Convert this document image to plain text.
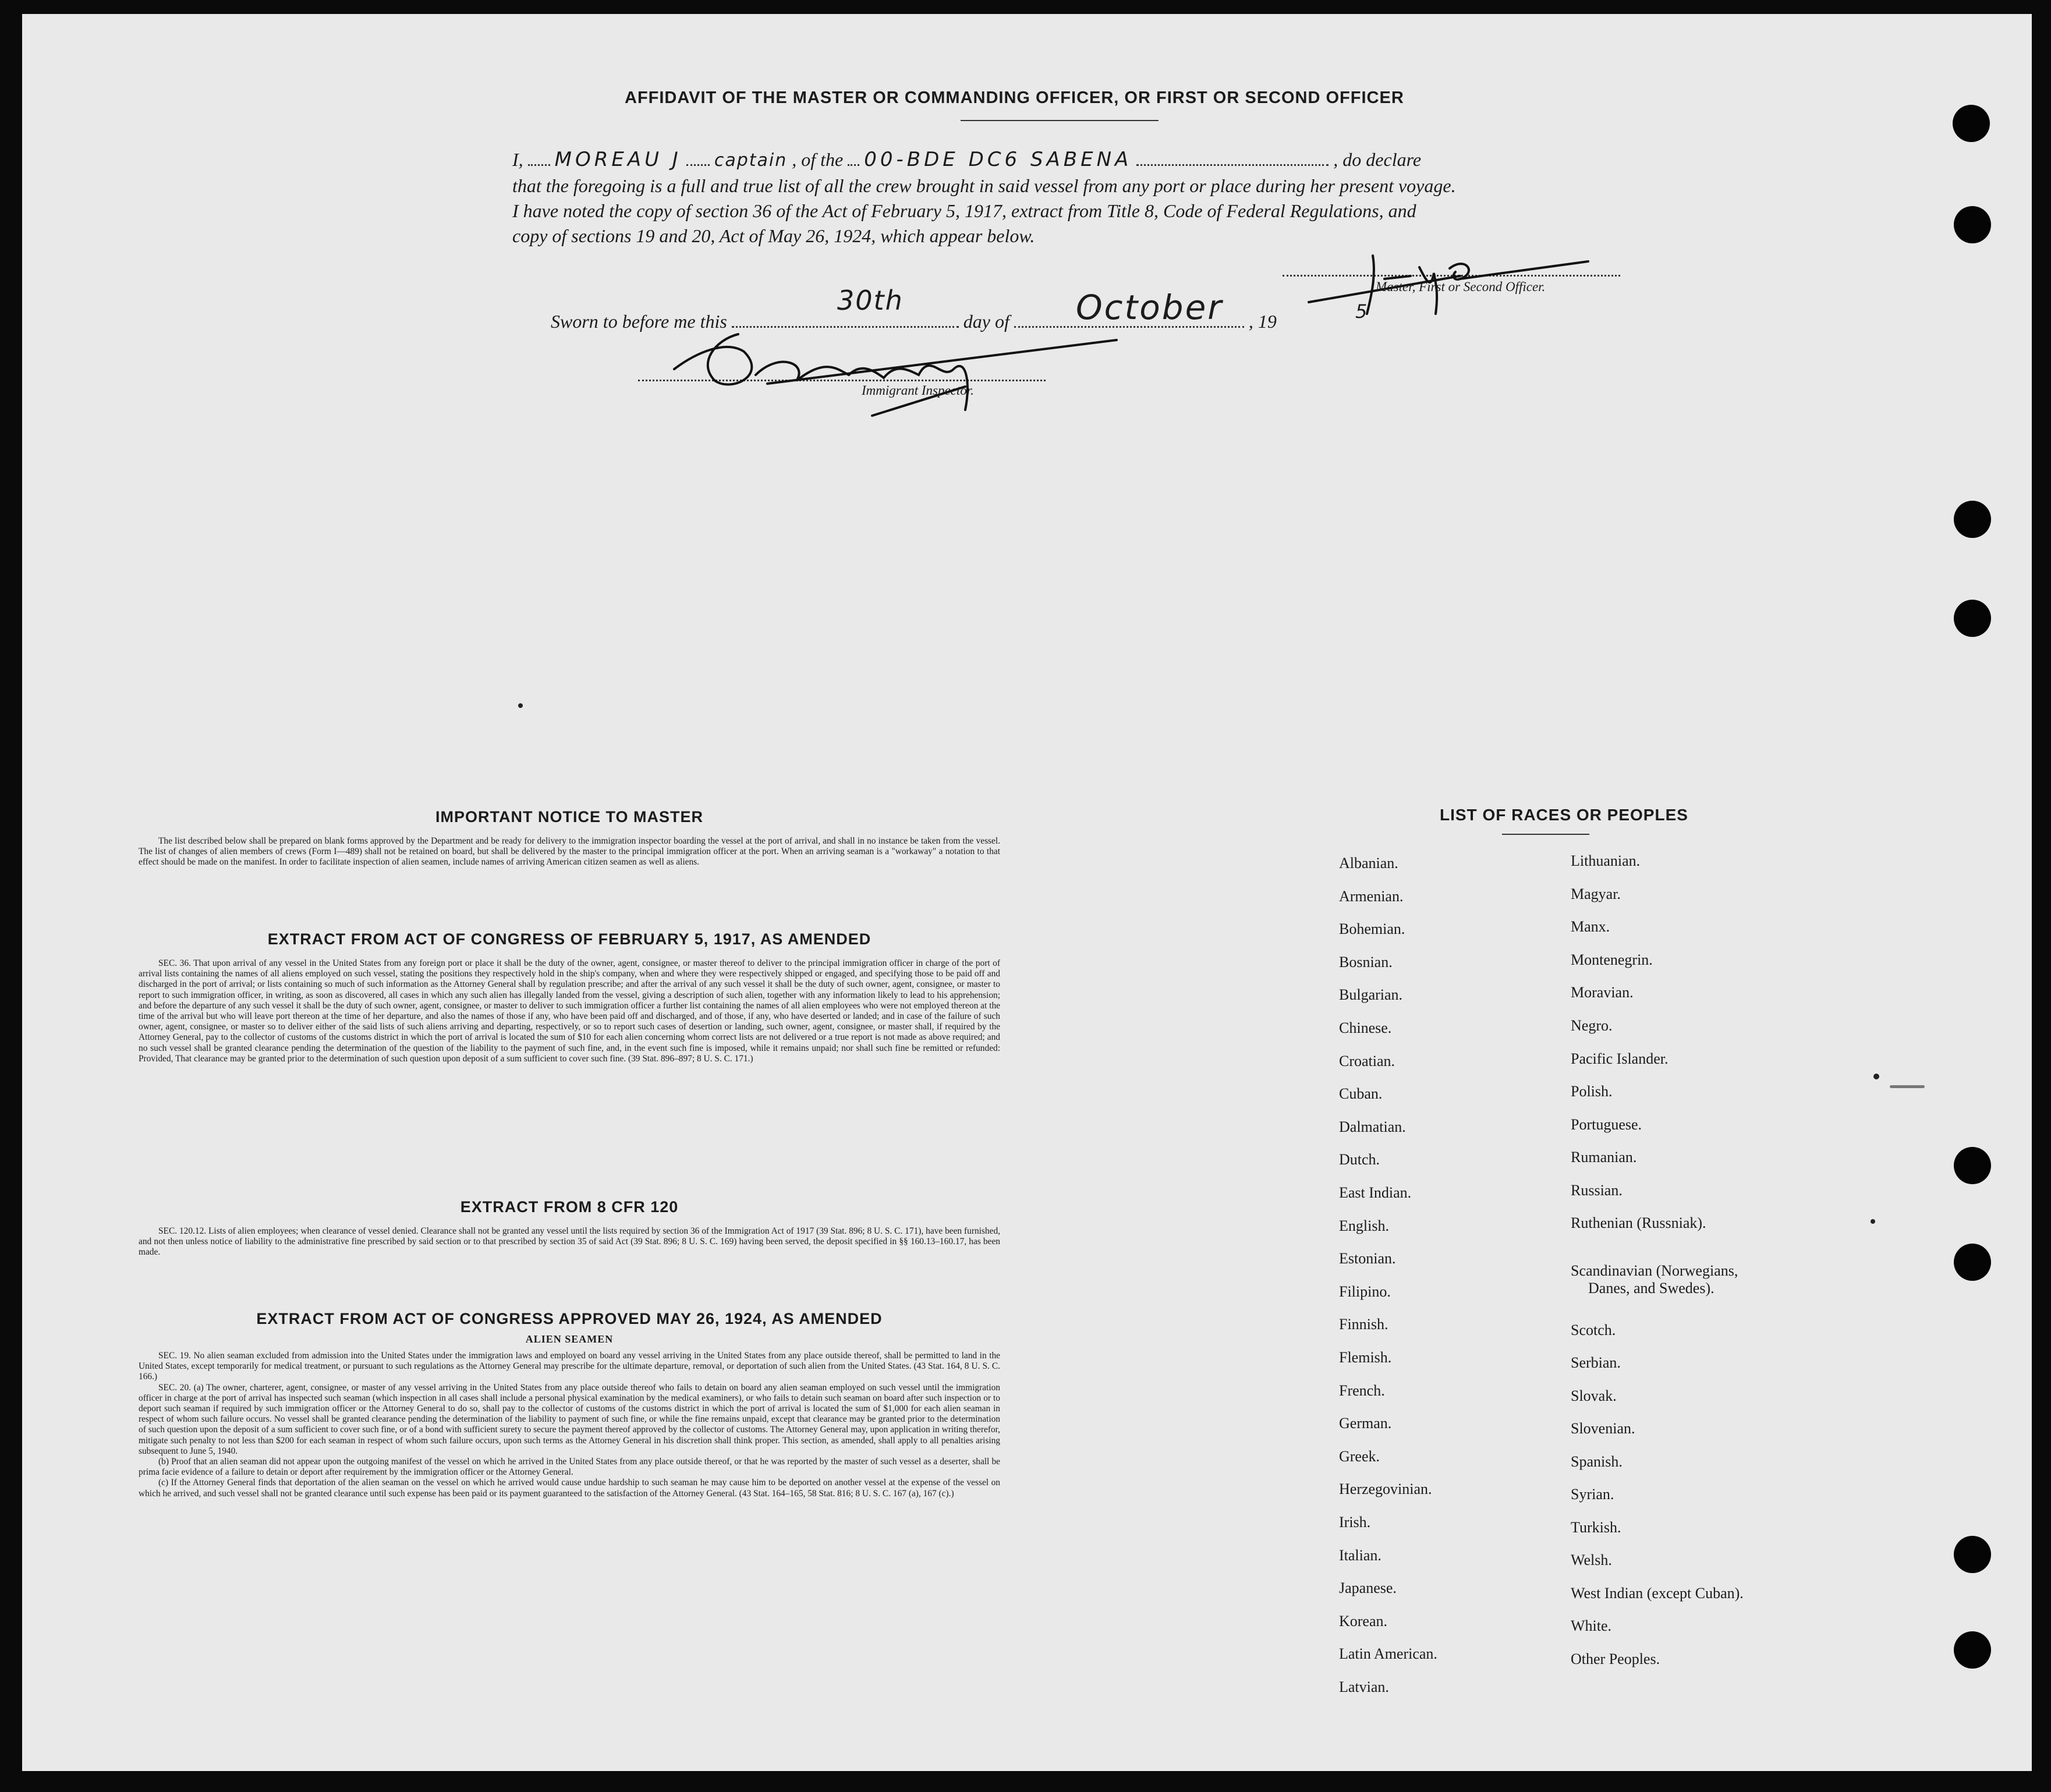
AFFIDAVIT OF THE MASTER OR COMMANDING OFFICER, OR FIRST OR SECOND OFFICER
I, MOREAU J captain , of the 00-BDE DC6 SABENA	, do declare
that the foregoing is a full and true list of all the crew brought in said vessel from any port or place during her present voyage.
I have noted the copy of section 36 of the Act of February 5, 1917, extract from Title 8, Code of Federal Regulations, and
copy of sections 19 and 20, Act of May 26, 1924, which appear below.
Master, First or Second Officer.
Sworn to before me this	day of	, 19
30th	October	5
Immigrant Inspector.
IMPORTANT NOTICE TO MASTER

The list described below shall be prepared on blank forms approved by the Department and be ready for delivery to the immigration inspector boarding the vessel at the port of arrival, and shall in no instance be taken from the vessel. The list of changes of alien members of crews (Form I—489) shall not be retained on board, but shall be delivered by the master to the principal immigration officer at the port. When an arriving seaman is a "workaway" a notation to that effect should be made on the manifest. In order to facilitate inspection of alien seamen, include names of arriving American citizen seamen as well as aliens.

EXTRACT FROM ACT OF CONGRESS OF FEBRUARY 5, 1917, AS AMENDED

SEC. 36. That upon arrival of any vessel in the United States from any foreign port or place it shall be the duty of the owner, agent, consignee, or master thereof to deliver to the principal immigration officer in charge of the port of arrival lists containing the names of all aliens employed on such vessel, stating the positions they respectively hold in the ship's company, when and where they were respectively shipped or engaged, and specifying those to be paid off and discharged in the port of arrival; or lists containing so much of such information as the Attorney General shall by regulation prescribe; and after the arrival of any such vessel it shall be the duty of such owner, agent, consignee, or master to report to such immigration officer, in writing, as soon as discovered, all cases in which any such alien has illegally landed from the vessel, giving a description of such alien, together with any information likely to lead to his apprehension; and before the departure of any such vessel it shall be the duty of such owner, agent, consignee, or master to deliver to such immigration officer a further list containing the names of all alien employees who were not employed thereon at the time of the arrival but who will leave port thereon at the time of her departure, and also the names of those if any, who have been paid off and discharged, and of those, if any, who have deserted or landed; and in case of the failure of such owner, agent, consignee, or master so to deliver either of the said lists of such aliens arriving and departing, respectively, or so to report such cases of desertion or landing, such owner, agent, consignee, or master shall, if required by the Attorney General, pay to the collector of customs of the customs district in which the port of arrival is located the sum of $10 for each alien concerning whom correct lists are not delivered or a true report is not made as above required; and no such vessel shall be granted clearance pending the determination of the question of the liability to the payment of such fine, and, in the event such fine is imposed, while it remains unpaid; nor shall such fine be remitted or refunded: Provided, That clearance may be granted prior to the determination of such question upon deposit of a sum sufficient to cover such fine. (39 Stat. 896–897; 8 U. S. C. 171.)

EXTRACT FROM 8 CFR 120

SEC. 120.12. Lists of alien employees; when clearance of vessel denied. Clearance shall not be granted any vessel until the lists required by section 36 of the Immigration Act of 1917 (39 Stat. 896; 8 U. S. C. 171), have been furnished, and not then unless notice of liability to the administrative fine prescribed by said section or to that prescribed by section 35 of said Act (39 Stat. 896; 8 U. S. C. 169) having been served, the deposit specified in §§ 160.13–160.17, has been made.

EXTRACT FROM ACT OF CONGRESS APPROVED MAY 26, 1924, AS AMENDED
ALIEN SEAMEN

SEC. 19. No alien seaman excluded from admission into the United States under the immigration laws and employed on board any vessel arriving in the United States from any place outside thereof, shall be permitted to land in the United States, except temporarily for medical treatment, or pursuant to such regulations as the Attorney General may prescribe for the ultimate departure, removal, or deportation of such alien from the United States. (43 Stat. 164, 8 U. S. C. 166.)

SEC. 20. (a) The owner, charterer, agent, consignee, or master of any vessel arriving in the United States from any place outside thereof who fails to detain on board any alien seaman employed on such vessel until the immigration officer in charge at the port of arrival has inspected such seaman (which inspection in all cases shall include a personal physical examination by the medical examiners), or who fails to detain such seaman on board after such inspection or to deport such seaman if required by such immigration officer or the Attorney General to do so, shall pay to the collector of customs of the customs district in which the port of arrival is located the sum of $1,000 for each alien seaman in respect of whom such failure occurs. No vessel shall be granted clearance pending the determination of the liability to payment of such fine, or while the fine remains unpaid, except that clearance may be granted prior to the determination of such question upon the deposit of a sum sufficient to cover such fine, or of a bond with sufficient surety to secure the payment thereof approved by the collector of customs. The Attorney General may, upon application in writing therefor, mitigate such penalty to not less than $200 for each seaman in respect of whom such failure occurs, upon such terms as the Attorney General in his discretion shall think proper. This section, as amended, shall apply to all penalties arising subsequent to June 5, 1940.

(b) Proof that an alien seaman did not appear upon the outgoing manifest of the vessel on which he arrived in the United States from any place outside thereof, or that he was reported by the master of such vessel as a deserter, shall be prima facie evidence of a failure to detain or deport after requirement by the immigration officer or the Attorney General.

(c) If the Attorney General finds that deportation of the alien seaman on the vessel on which he arrived would cause undue hardship to such seaman he may cause him to be deported on another vessel at the expense of the vessel on which he arrived, and such vessel shall not be granted clearance until such expense has been paid or its payment guaranteed to the satisfaction of the Attorney General. (43 Stat. 164–165, 58 Stat. 816; 8 U. S. C. 167 (a), 167 (c).)

LIST OF RACES OR PEOPLES
Albanian.
Armenian.
Bohemian.
Bosnian.
Bulgarian.
Chinese.
Croatian.
Cuban.
Dalmatian.
Dutch.
East Indian.
English.
Estonian.
Filipino.
Finnish.
Flemish.
French.
German.
Greek.
Herzegovinian.
Irish.
Italian.
Japanese.
Korean.
Latin American.
Latvian.
Lithuanian.
Magyar.
Manx.
Montenegrin.
Moravian.
Negro.
Pacific Islander.
Polish.
Portuguese.
Rumanian.
Russian.
Ruthenian (Russniak).
Scandinavian (Norwegians,
Danes, and Swedes).
Scotch.
Serbian.
Slovak.
Slovenian.
Spanish.
Syrian.
Turkish.
Welsh.
West Indian (except Cuban).
White.
Other Peoples.
